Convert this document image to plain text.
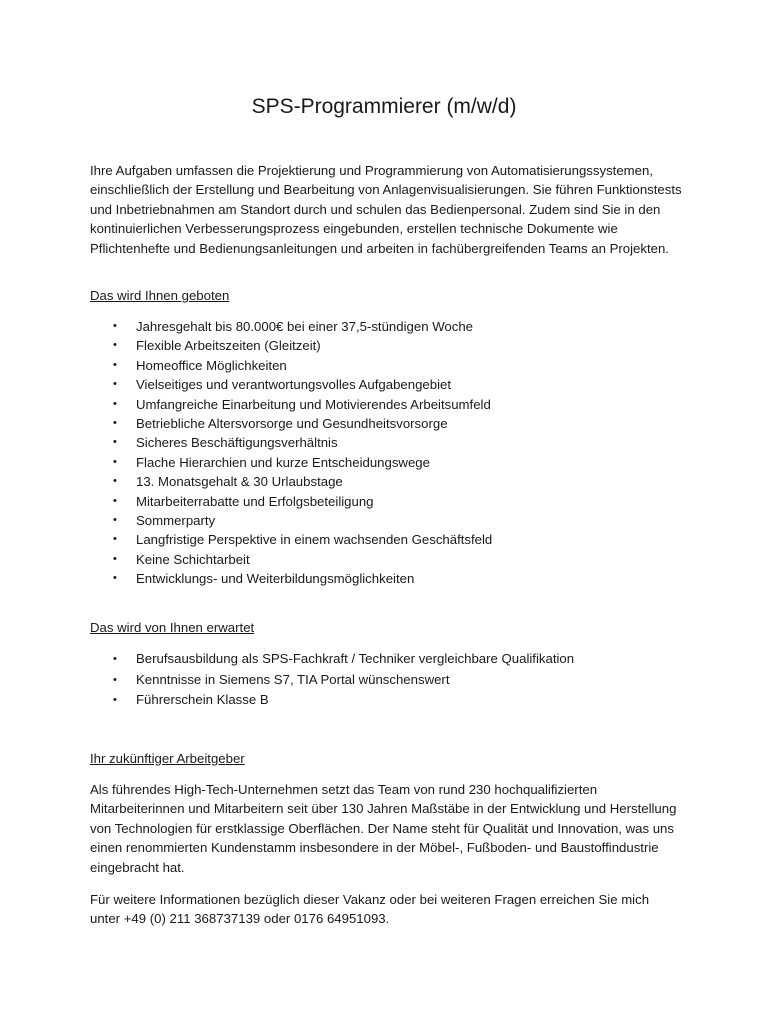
SPS-Programmierer (m/w/d)

Ihre Aufgaben umfassen die Projektierung und Programmierung von Automatisierungssystemen, einschließlich der Erstellung und Bearbeitung von Anlagenvisualisierungen. Sie führen Funktionstests und Inbetriebnahmen am Standort durch und schulen das Bedienpersonal. Zudem sind Sie in den kontinuierlichen Verbesserungsprozess eingebunden, erstellen technische Dokumente wie Pflichtenhefte und Bedienungsanleitungen und arbeiten in fachübergreifenden Teams an Projekten.

Das wird Ihnen geboten
• Jahresgehalt bis 80.000€ bei einer 37,5-stündigen Woche
• Flexible Arbeitszeiten (Gleitzeit)
• Homeoffice Möglichkeiten
• Vielseitiges und verantwortungsvolles Aufgabengebiet
• Umfangreiche Einarbeitung und Motivierendes Arbeitsumfeld
• Betriebliche Altersvorsorge und Gesundheitsvorsorge
• Sicheres Beschäftigungsverhältnis
• Flache Hierarchien und kurze Entscheidungswege
• 13. Monatsgehalt & 30 Urlaubstage
• Mitarbeiterrabatte und Erfolgsbeteiligung
• Sommerparty
• Langfristige Perspektive in einem wachsenden Geschäftsfeld
• Keine Schichtarbeit
• Entwicklungs- und Weiterbildungsmöglichkeiten
Das wird von Ihnen erwartet
• Berufsausbildung als SPS-Fachkraft / Techniker vergleichbare Qualifikation
• Kenntnisse in Siemens S7, TIA Portal wünschenswert
• Führerschein Klasse B
Ihr zukünftiger Arbeitgeber

Als führendes High-Tech-Unternehmen setzt das Team von rund 230 hochqualifizierten Mitarbeiterinnen und Mitarbeitern seit über 130 Jahren Maßstäbe in der Entwicklung und Herstellung von Technologien für erstklassige Oberflächen. Der Name steht für Qualität und Innovation, was uns einen renommierten Kundenstamm insbesondere in der Möbel-, Fußboden- und Baustoffindustrie eingebracht hat.

Für weitere Informationen bezüglich dieser Vakanz oder bei weiteren Fragen erreichen Sie mich unter +49 (0) 211 368737139 oder 0176 64951093.
